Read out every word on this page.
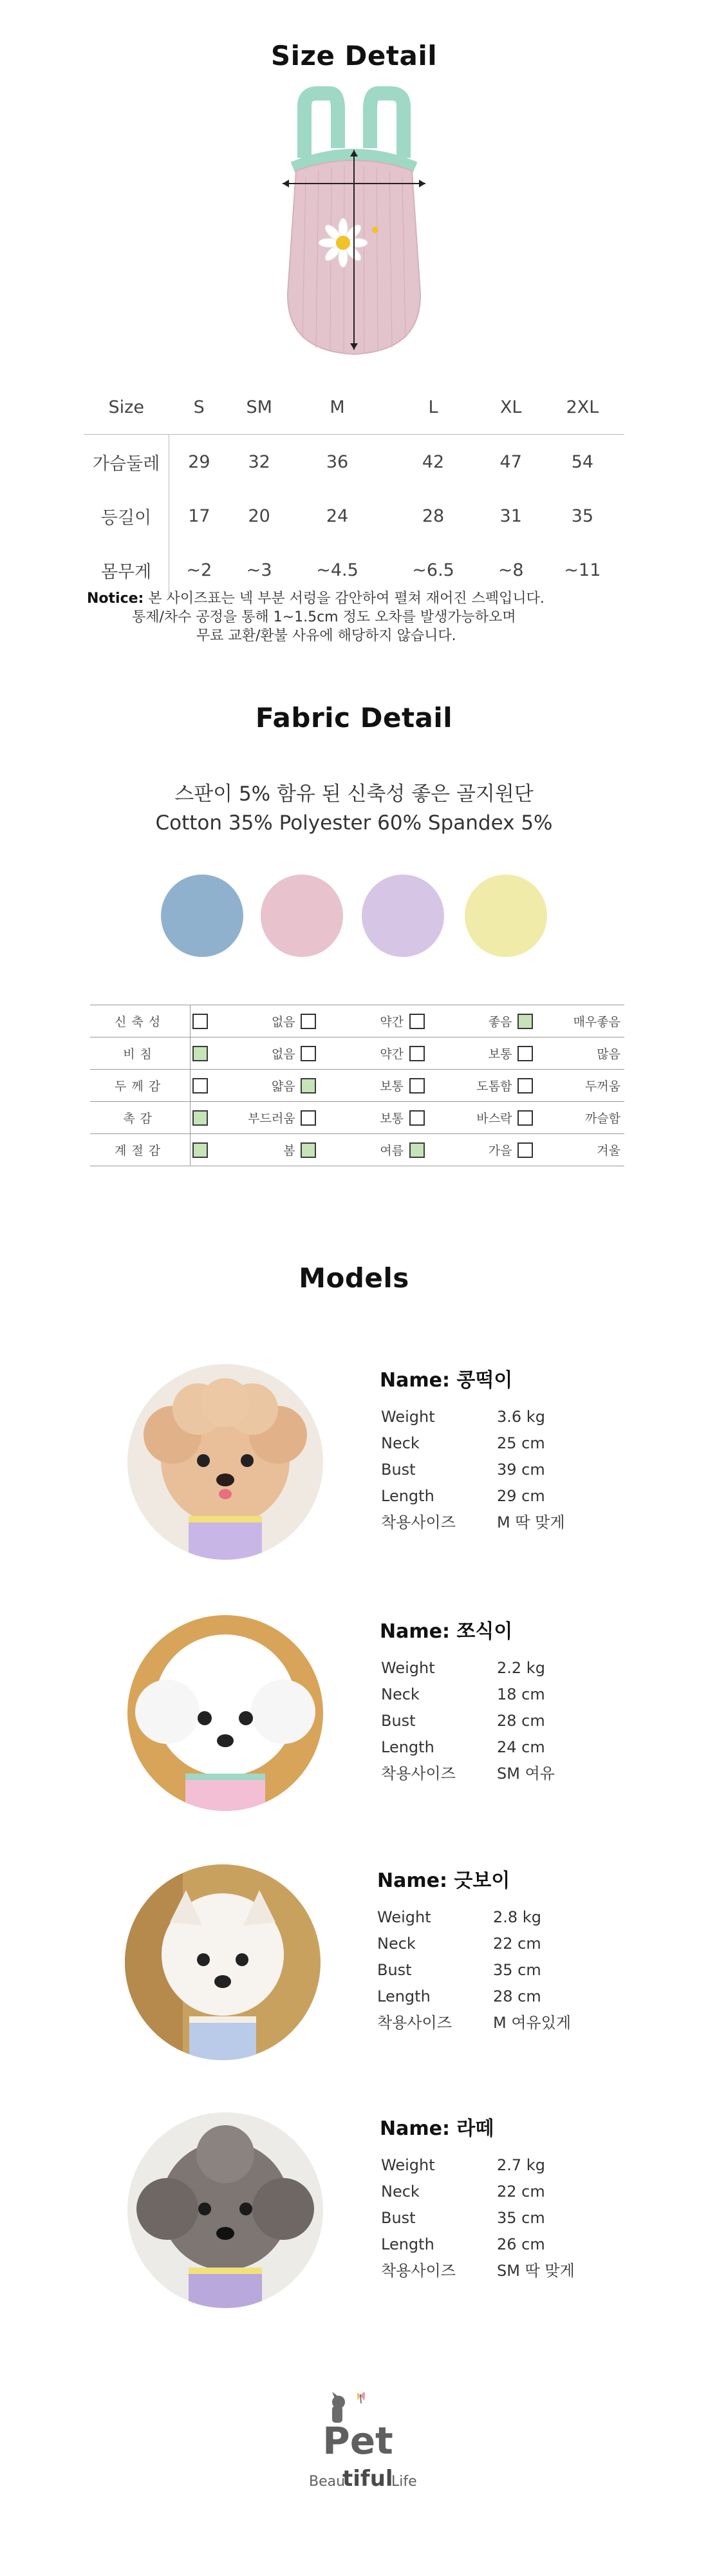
Size Detail
Size	S	SM	M	L	XL	2XL
가슴둘레	29	32	36	42	47	54
등길이	17	20	24	28	31	35
몸무게	~2	~3	~4.5	~6.5	~8	~11
Notice: 본 사이즈표는 넥 부분 서렁을 감안하여 펼쳐 재어진 스펙입니다.
통제/차수 공정을 통해 1~1.5cm 정도 오차를 발생가능하오며
무료 교환/환불 사유에 해당하지 않습니다.
Fabric Detail
스판이 5% 함유 된 신축성 좋은 골지원단
Cotton 35% Polyester 60% Spandex 5%
신축성		없음		약간		좋음		매우좋음
비침		없음		약간		보통		많음
두께감		얇음		보통		도톰함		두꺼움
촉감		부드러움		보통		바스락		까슬함
계절감		봄		여름		가을		겨울
Models
Name: 콩떡이
Weight	3.6 kg
Neck	25 cm
Bust	39 cm
Length	29 cm
착용사이즈	M 딱 맞게
Name: 쪼식이
Weight	2.2 kg
Neck	18 cm
Bust	28 cm
Length	24 cm
착용사이즈	SM 여유
Name: 긋보이
Weight	2.8 kg
Neck	22 cm
Bust	35 cm
Length	28 cm
착용사이즈	M 여유있게
Name: 라떼
Weight	2.7 kg
Neck	22 cm
Bust	35 cm
Length	26 cm
착용사이즈	SM 딱 맞게
Pet
Beau
tiful
Life
